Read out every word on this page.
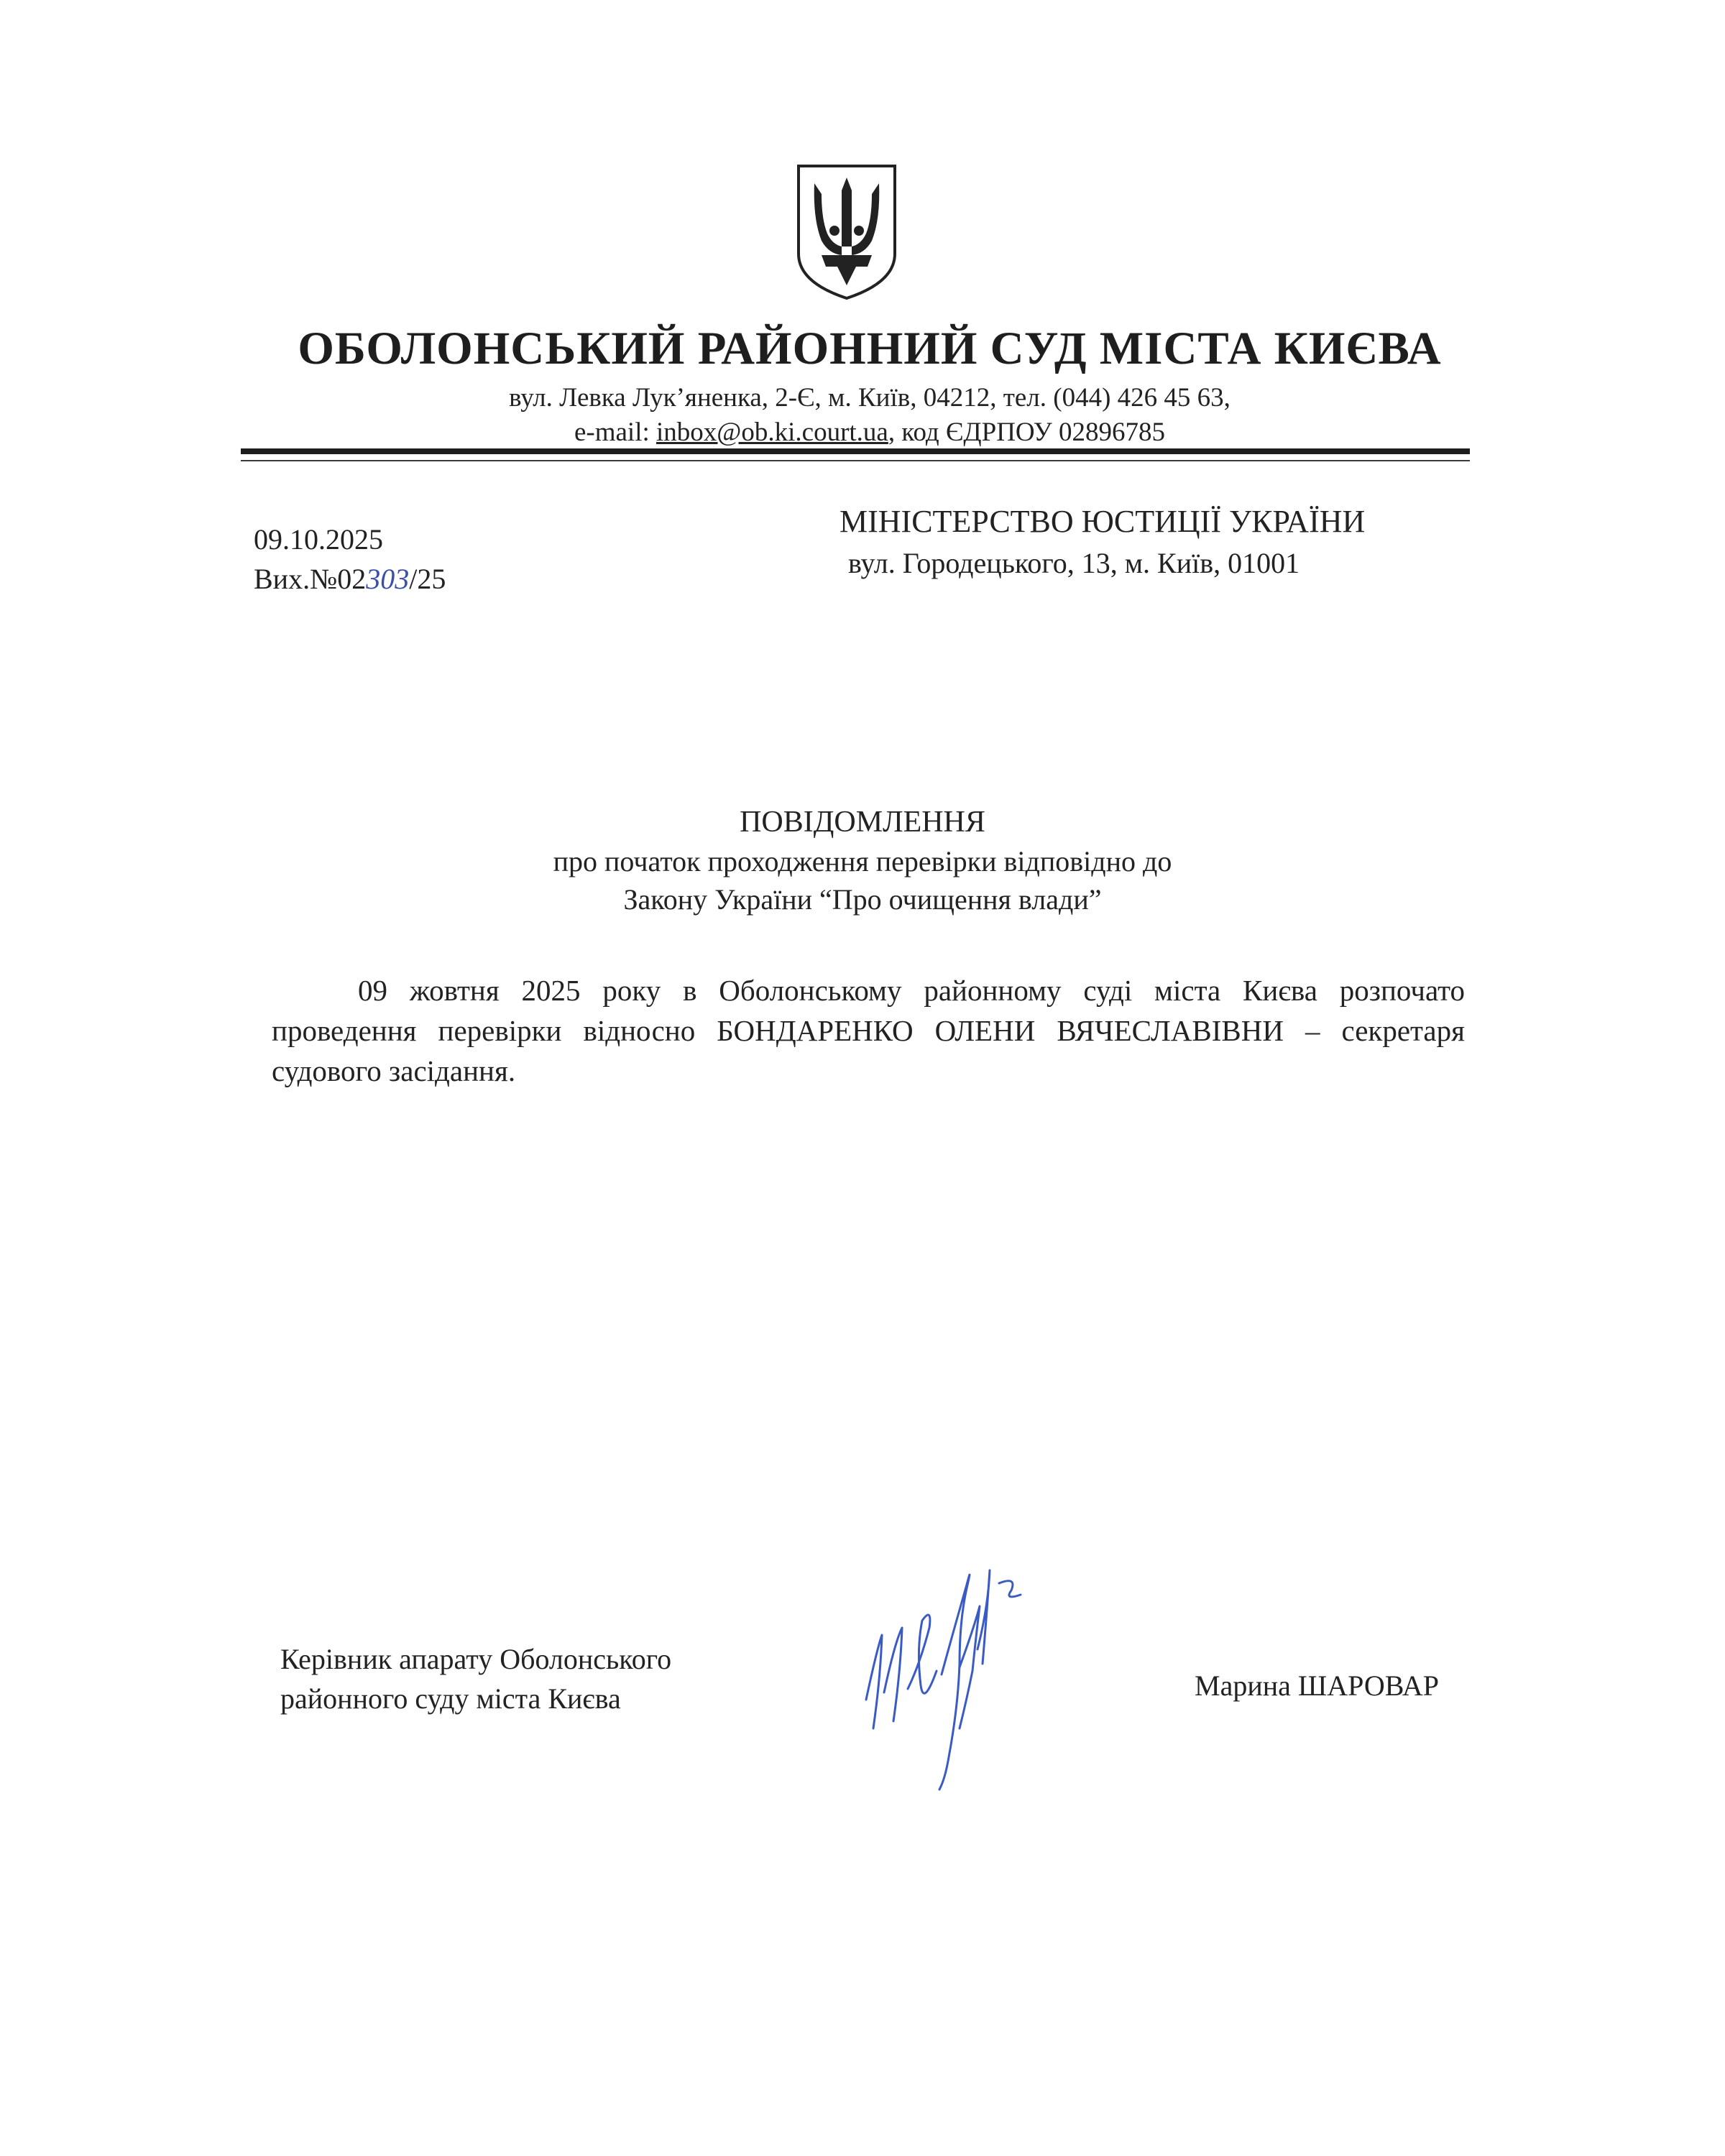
ОБОЛОНСЬКИЙ РАЙОННИЙ СУД МІСТА КИЄВА
вул. Левка Лук’яненка, 2-Є, м. Київ, 04212, тел. (044) 426 45 63,
e-mail: inbox@ob.ki.court.ua, код ЄДРПОУ 02896785
09.10.2025
Вих.№02303/25
МІНІСТЕРСТВО ЮСТИЦІЇ УКРАЇНИ
вул. Городецького, 13, м. Київ, 01001
ПОВІДОМЛЕННЯ
про початок проходження перевірки відповідно до
Закону України “Про очищення влади”
09 жовтня 2025 року в Оболонському районному суді міста Києва розпочато проведення перевірки відносно БОНДАРЕНКО ОЛЕНИ ВЯЧЕСЛАВІВНИ – секретаря судового засідання.
Керівник апарату Оболонського
районного суду міста Києва	Марина ШАРОВАР
